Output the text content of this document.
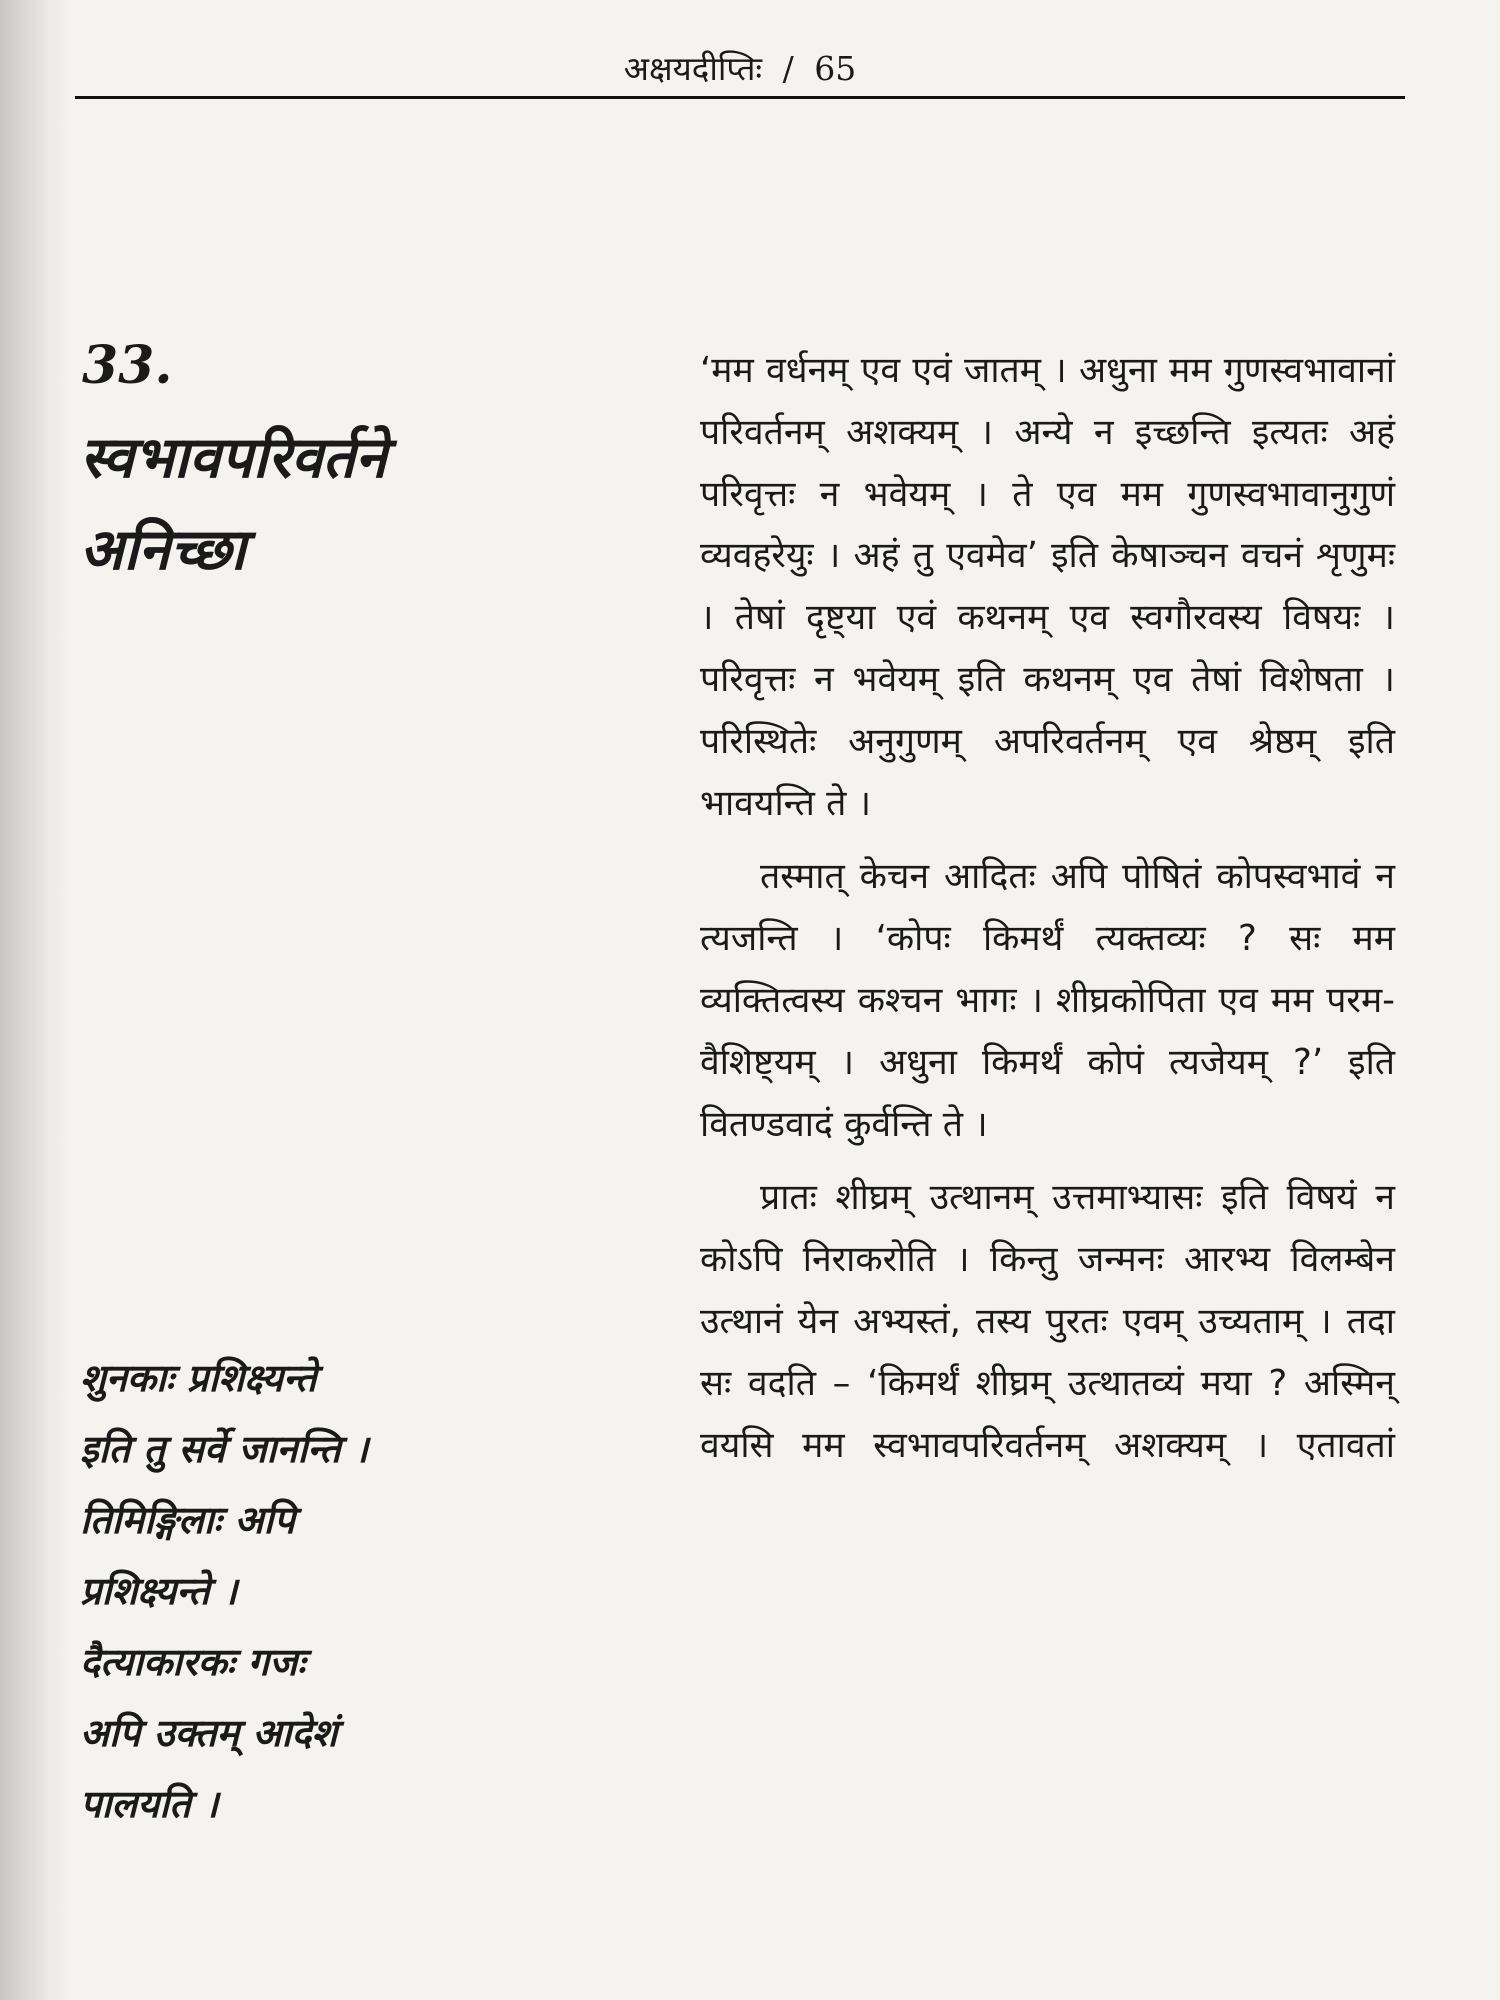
अक्षयदीप्तिः / 65
33.
स्वभावपरिवर्तने
अनिच्छा
शुनकाः प्रशिक्ष्यन्ते
इति तु सर्वे जानन्ति ।
तिमिङ्गिलाः अपि
प्रशिक्ष्यन्ते ।
दैत्याकारकः गजः
अपि उक्तम् आदेशं
पालयति ।

‘मम वर्धनम् एव एवं जातम् । अधुना मम गुणस्वभावानां परिवर्तनम् अशक्यम् । अन्ये न इच्छन्ति इत्यतः अहं परिवृत्तः न भवेयम् । ते एव मम गुणस्वभावानुगुणं व्यवहरेयुः । अहं तु एवमेव’ इति केषाञ्चन वचनं शृणुमः । तेषां दृष्ट्या एवं कथनम् एव स्वगौरवस्य विषयः । परिवृत्तः न भवेयम् इति कथनम् एव तेषां विशेषता । परिस्थितेः अनुगुणम् अपरिवर्तनम् एव श्रेष्ठम् इति भावयन्ति ते ।

तस्मात् केचन आदितः अपि पोषितं कोपस्वभावं न त्यजन्ति । ‘कोपः किमर्थं त्यक्तव्यः ? सः मम व्यक्तित्वस्य कश्चन भागः । शीघ्रकोपिता एव मम परम-वैशिष्ट्यम् । अधुना किमर्थं कोपं त्यजेयम् ?’ इति वितण्डवादं कुर्वन्ति ते ।

प्रातः शीघ्रम् उत्थानम् उत्तमाभ्यासः इति विषयं न कोऽपि निराकरोति । किन्तु जन्मनः आरभ्य विलम्बेन उत्थानं येन अभ्यस्तं, तस्य पुरतः एवम् उच्यताम् । तदा सः वदति – ‘किमर्थं शीघ्रम् उत्थातव्यं मया ? अस्मिन् वयसि मम स्वभावपरिवर्तनम् अशक्यम् । एतावतां
